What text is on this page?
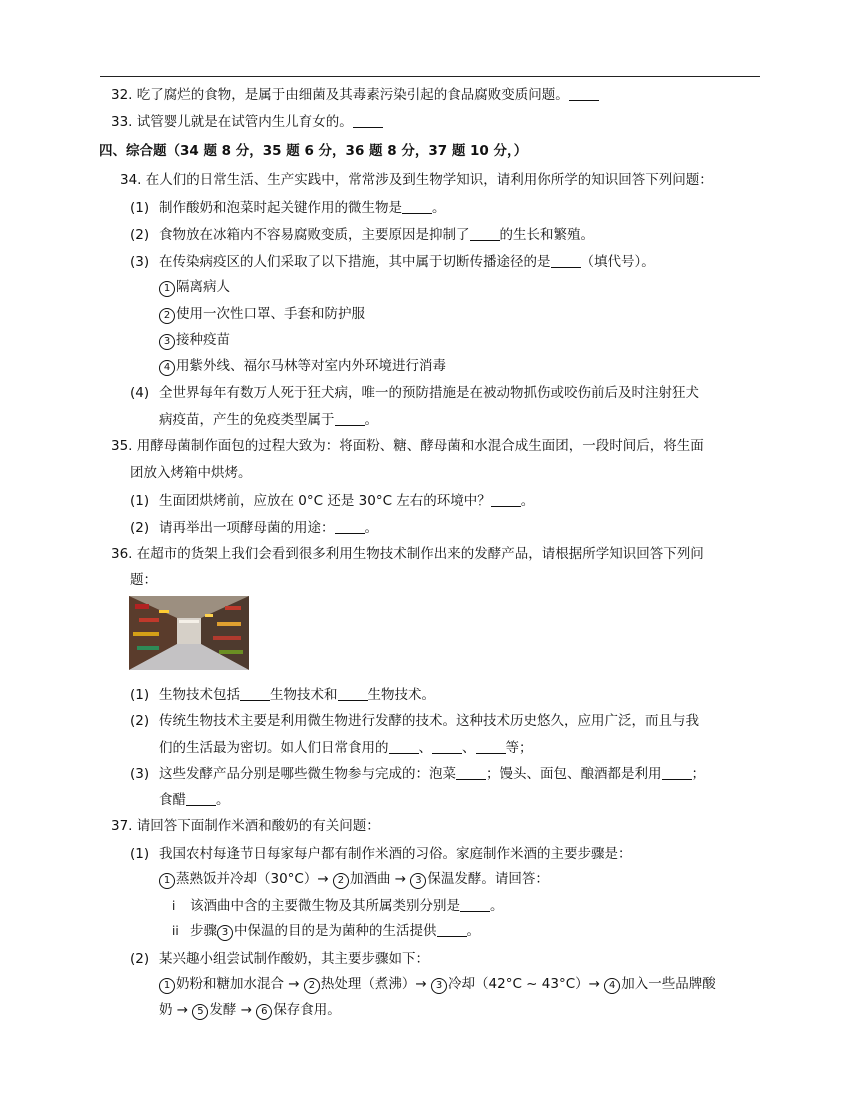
32. 吃了腐烂的食物，是属于由细菌及其毒素污染引起的食品腐败变质问题。
33. 试管婴儿就是在试管内生儿育女的。
四、综合题（34 题 8 分，35 题 6 分，36 题 8 分，37 题 10 分，）
34. 在人们的日常生活、生产实践中，常常涉及到生物学知识，请利用你所学的知识回答下列问题：
(1) 制作酸奶和泡菜时起关键作用的微生物是 。
(2) 食物放在冰箱内不容易腐败变质，主要原因是抑制了 的生长和繁殖。
(3) 在传染病疫区的人们采取了以下措施，其中属于切断传播途径的是 （填代号）。
1 隔离病人
2 使用一次性口罩、手套和防护服
3 接种疫苗
4 用紫外线、福尔马林等对室内外环境进行消毒
(4) 全世界每年有数万人死于狂犬病，唯一的预防措施是在被动物抓伤或咬伤前后及时注射狂犬
病疫苗，产生的免疫类型属于 。
35. 用酵母菌制作面包的过程大致为：将面粉、糖、酵母菌和水混合成生面团，一段时间后，将生面
团放入烤箱中烘烤。
(1) 生面团烘烤前，应放在 0°C 还是 30°C 左右的环境中？ 。
(2) 请再举出一项酵母菌的用途： 。
36. 在超市的货架上我们会看到很多利用生物技术制作出来的发酵产品，请根据所学知识回答下列问
题：
(1) 生物技术包括 生物技术和 生物技术。
(2) 传统生物技术主要是利用微生物进行发酵的技术。这种技术历史悠久，应用广泛，而且与我
们的生活最为密切。如人们日常食用的 、 、 等；
(3) 这些发酵产品分别是哪些微生物参与完成的：泡菜 ；馒头、面包、酿酒都是利用 ；
食醋 。
37. 请回答下面制作米酒和酸奶的有关问题：
(1) 我国农村每逢节日每家每户都有制作米酒的习俗。家庭制作米酒的主要步骤是：
1 蒸熟饭并冷却（30°C）→ 2 加酒曲 → 3 保温发酵。请回答：
i 该酒曲中含的主要微生物及其所属类别分别是 。
ii 步骤 3 中保温的目的是为菌种的生活提供 。
(2) 某兴趣小组尝试制作酸奶，其主要步骤如下：
1 奶粉和糖加水混合 → 2 热处理（煮沸）→ 3 冷却（42°C ~ 43°C）→ 4 加入一些品牌酸
奶 → 5 发酵 → 6 保存食用。
